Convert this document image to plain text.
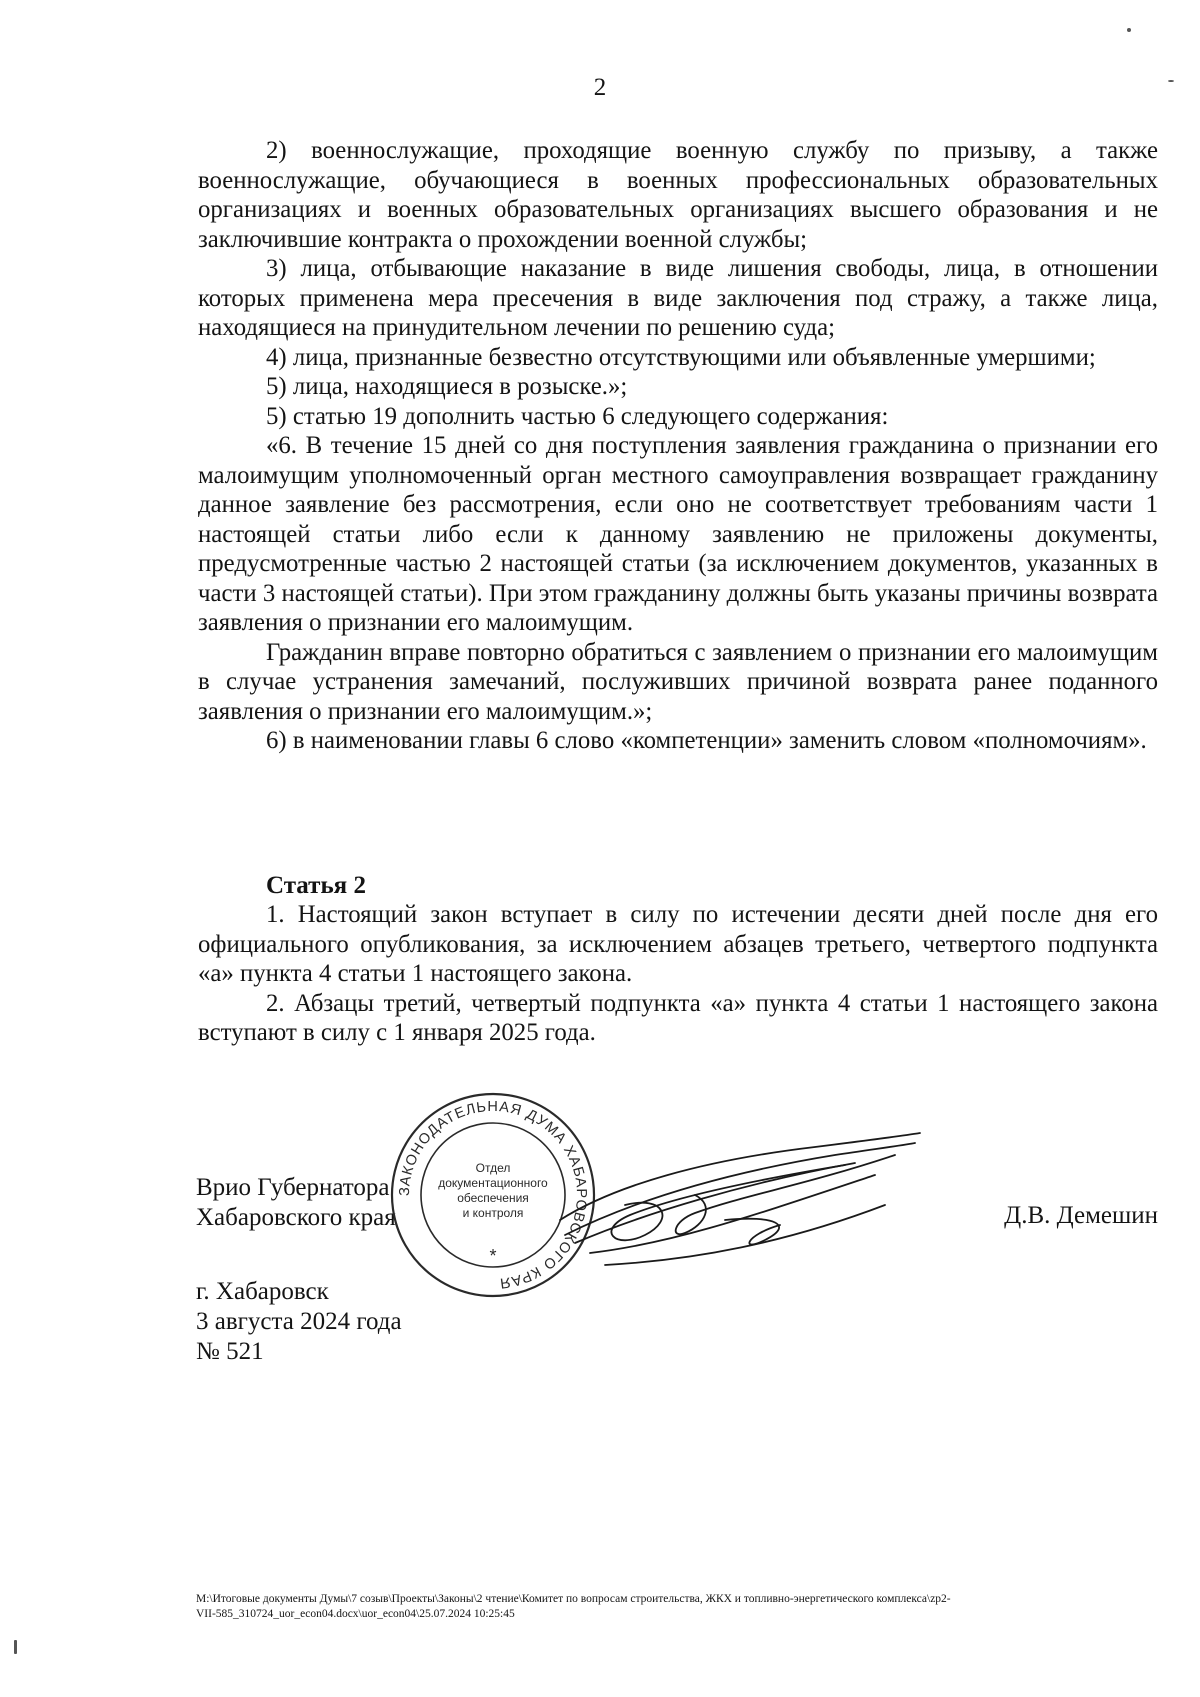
2

2) военнослужащие, проходящие военную службу по призыву, а также военнослужащие, обучающиеся в военных профессиональных образовательных организациях и военных образовательных организациях высшего образования и не заключившие контракта о прохождении военной службы;

3) лица, отбывающие наказание в виде лишения свободы, лица, в отношении которых применена мера пресечения в виде заключения под стражу, а также лица, находящиеся на принудительном лечении по решению суда;

4) лица, признанные безвестно отсутствующими или объявленные умершими;

5) лица, находящиеся в розыске.»;

5) статью 19 дополнить частью 6 следующего содержания:

«6. В течение 15 дней со дня поступления заявления гражданина о признании его малоимущим уполномоченный орган местного самоуправления возвращает гражданину данное заявление без рассмотрения, если оно не соответствует требованиям части 1 настоящей статьи либо если к данному заявлению не приложены документы, предусмотренные частью 2 настоящей статьи (за исключением документов, указанных в части 3 настоящей статьи). При этом гражданину должны быть указаны причины возврата заявления о признании его малоимущим.

Гражданин вправе повторно обратиться с заявлением о признании его малоимущим в случае устранения замечаний, послуживших причиной возврата ранее поданного заявления о признании его малоимущим.»;

6) в наименовании главы 6 слово «компетенции» заменить словом «полномочиям».

Статья 2

1. Настоящий закон вступает в силу по истечении десяти дней после дня его официального опубликования, за исключением абзацев третьего, четвертого подпункта «а» пункта 4 статьи 1 настоящего закона.

2. Абзацы третий, четвертый подпункта «а» пункта 4 статьи 1 настоящего закона вступают в силу с 1 января 2025 года.

Врио Губернатора
Хабаровского края	Д.В. Демешин
ЗАКОНОДАТЕЛЬНАЯ ДУМА ХАБАРОВСКОГО КРАЯ
Отдел
документационного
обеспечения
и контроля
*
г. Хабаровск
3 августа 2024 года
№ 521
M:\Итоговые документы Думы\7 созыв\Проекты\Законы\2 чтение\Комитет по вопросам строительства, ЖКХ и топливно-энергетического комплекса\zp2-
VII-585_310724_uor_econ04.docx\uor_econ04\25.07.2024 10:25:45
